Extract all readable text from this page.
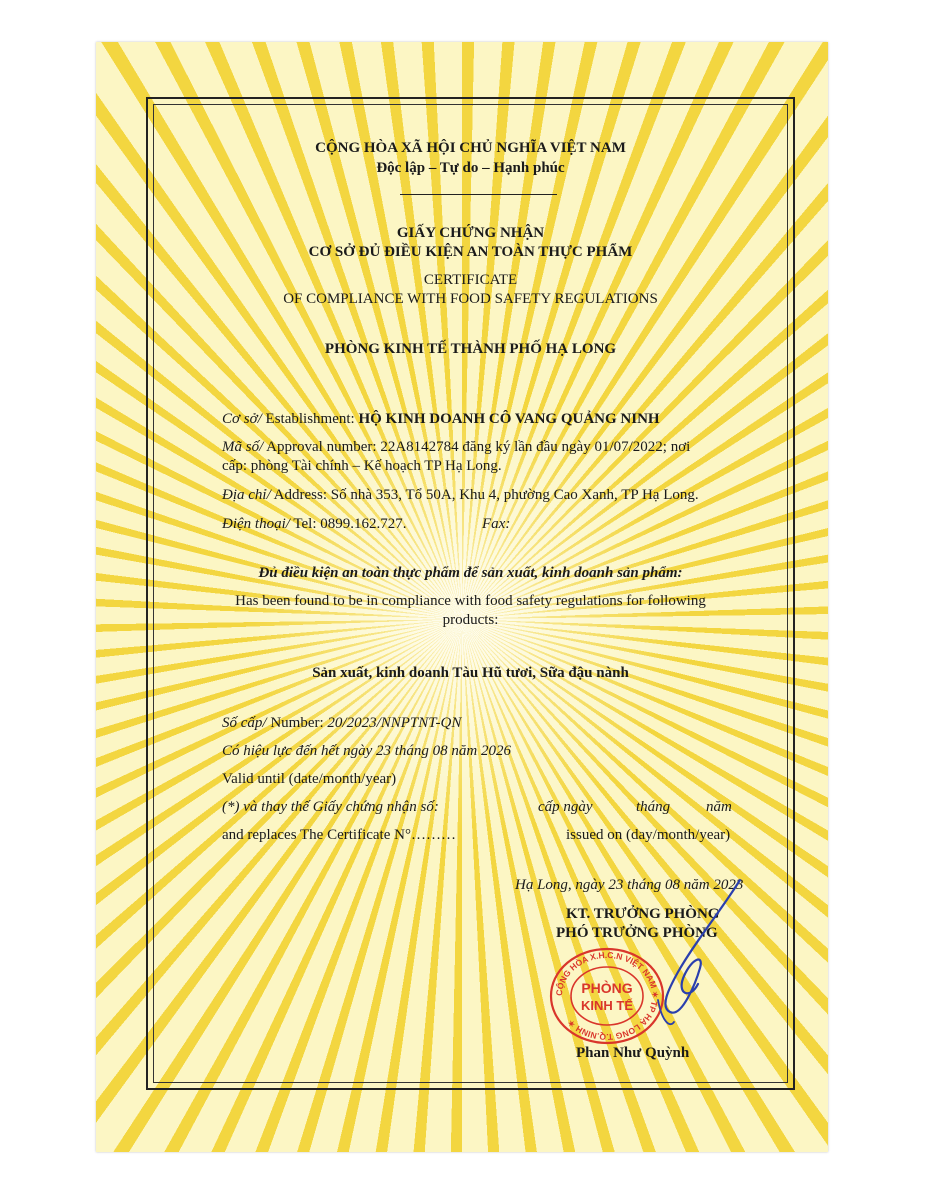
CỘNG HÒA XÃ HỘI CHỦ NGHĨA VIỆT NAM

Độc lập – Tự do – Hạnh phúc

GIẤY CHỨNG NHẬN

CƠ SỞ ĐỦ ĐIỀU KIỆN AN TOÀN THỰC PHẨM

CERTIFICATE

OF COMPLIANCE WITH FOOD SAFETY REGULATIONS

PHÒNG KINH TẾ THÀNH PHỐ HẠ LONG

Cơ sở/ Establishment: HỘ KINH DOANH CÔ VANG QUẢNG NINH

Mã số/ Approval number: 22A8142784 đăng ký lần đầu ngày 01/07/2022; nơi

cấp: phòng Tài chính – Kế hoạch TP Hạ Long.

Địa chỉ/ Address: Số nhà 353, Tổ 50A, Khu 4, phường Cao Xanh, TP Hạ Long.

Điện thoại/ Tel: 0899.162.727.	Fax:

Đủ điều kiện an toàn thực phẩm để sản xuất, kinh doanh sản phẩm:

Has been found to be in compliance with food safety regulations for following

products:

Sản xuất, kinh doanh Tàu Hũ tươi, Sữa đậu nành

Số cấp/ Number: 20/2023/NNPTNT-QN

Có hiệu lực đến hết ngày 23 tháng 08 năm 2026

Valid until (date/month/year)

(*) và thay thế Giấy chứng nhận số:	cấp ngày	tháng năm

and replaces The Certificate N°………	issued on (day/month/year)

Hạ Long, ngày 23 tháng 08 năm 2023

KT. TRƯỞNG PHÒNG

PHÓ TRƯỞNG PHÒNG

CỘNG HÒA X.H.C.N VIỆT NAM ✶ TP HẠ LONG T.Q.NINH ✶
PHÒNG
KINH TẾ

Phan Như Quỳnh
